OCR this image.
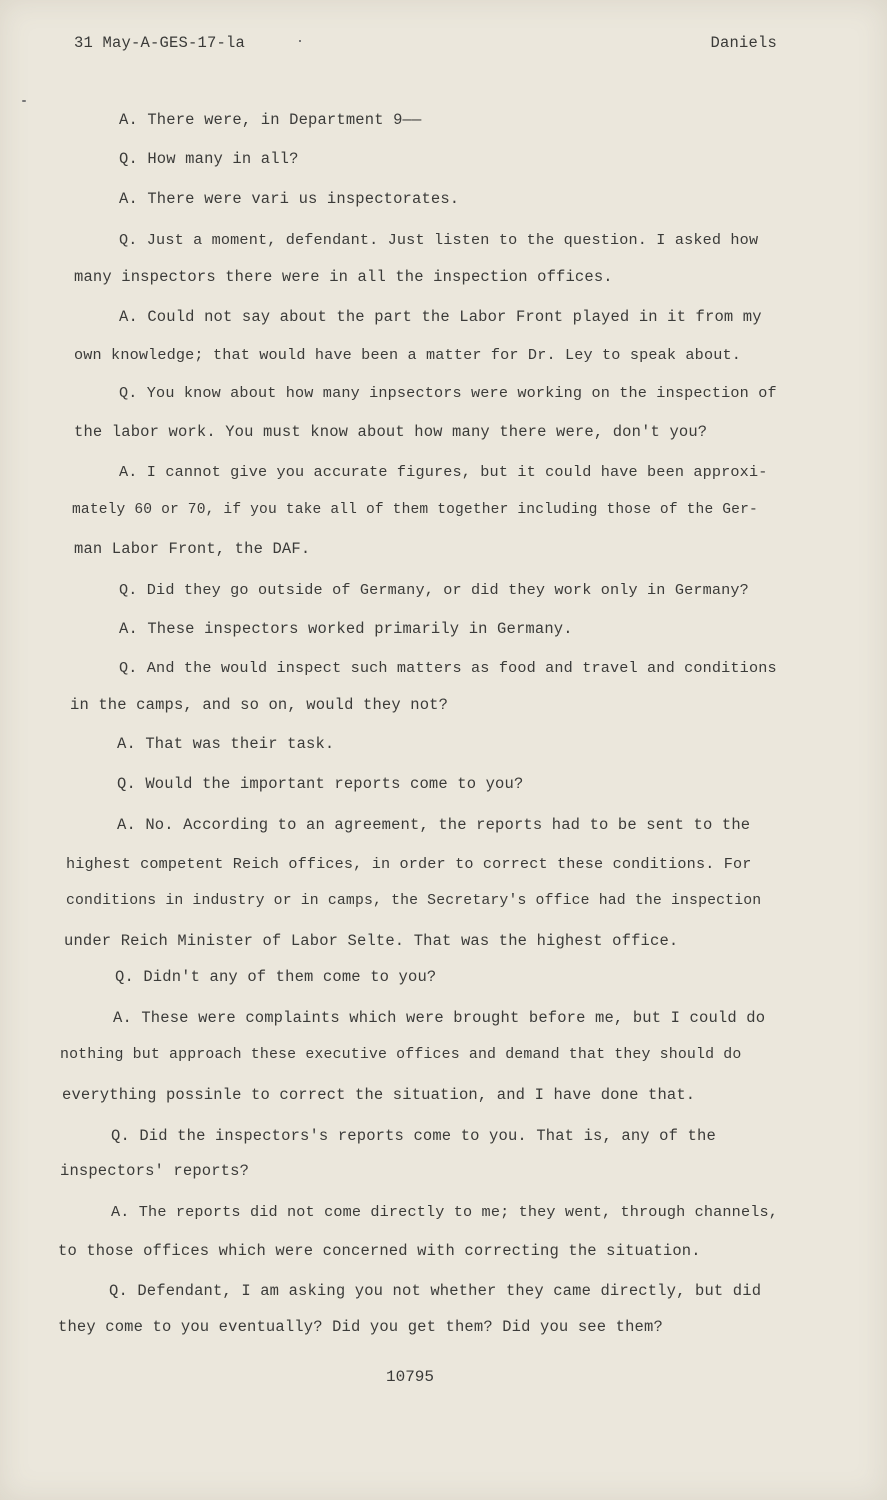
31 May-A-GES-17-la	Daniels
A. There were, in Department 9——
Q. How many in all?
A. There were vari us inspectorates.
Q. Just a moment, defendant. Just listen to the question. I asked how
many inspectors there were in all the inspection offices.
A. Could not say about the part the Labor Front played in it from my
own knowledge; that would have been a matter for Dr. Ley to speak about.
Q. You know about how many inpsectors were working on the inspection of
the labor work. You must know about how many there were, don't you?
A. I cannot give you accurate figures, but it could have been approxi-
mately 60 or 70, if you take all of them together including those of the Ger-
man Labor Front, the DAF.
Q. Did they go outside of Germany, or did they work only in Germany?
A. These inspectors worked primarily in Germany.
Q. And the would inspect such matters as food and travel and conditions
in the camps, and so on, would they not?
A. That was their task.
Q. Would the important reports come to you?
A. No. According to an agreement, the reports had to be sent to the
highest competent Reich offices, in order to correct these conditions. For
conditions in industry or in camps, the Secretary's office had the inspection
under Reich Minister of Labor Selte. That was the highest office.
Q. Didn't any of them come to you?
A. These were complaints which were brought before me, but I could do
nothing but approach these executive offices and demand that they should do
everything possinle to correct the situation, and I have done that.
Q. Did the inspectors's reports come to you. That is, any of the
inspectors' reports?
A. The reports did not come directly to me; they went, through channels,
to those offices which were concerned with correcting the situation.
Q. Defendant, I am asking you not whether they came directly, but did
they come to you eventually? Did you get them? Did you see them?
10795
